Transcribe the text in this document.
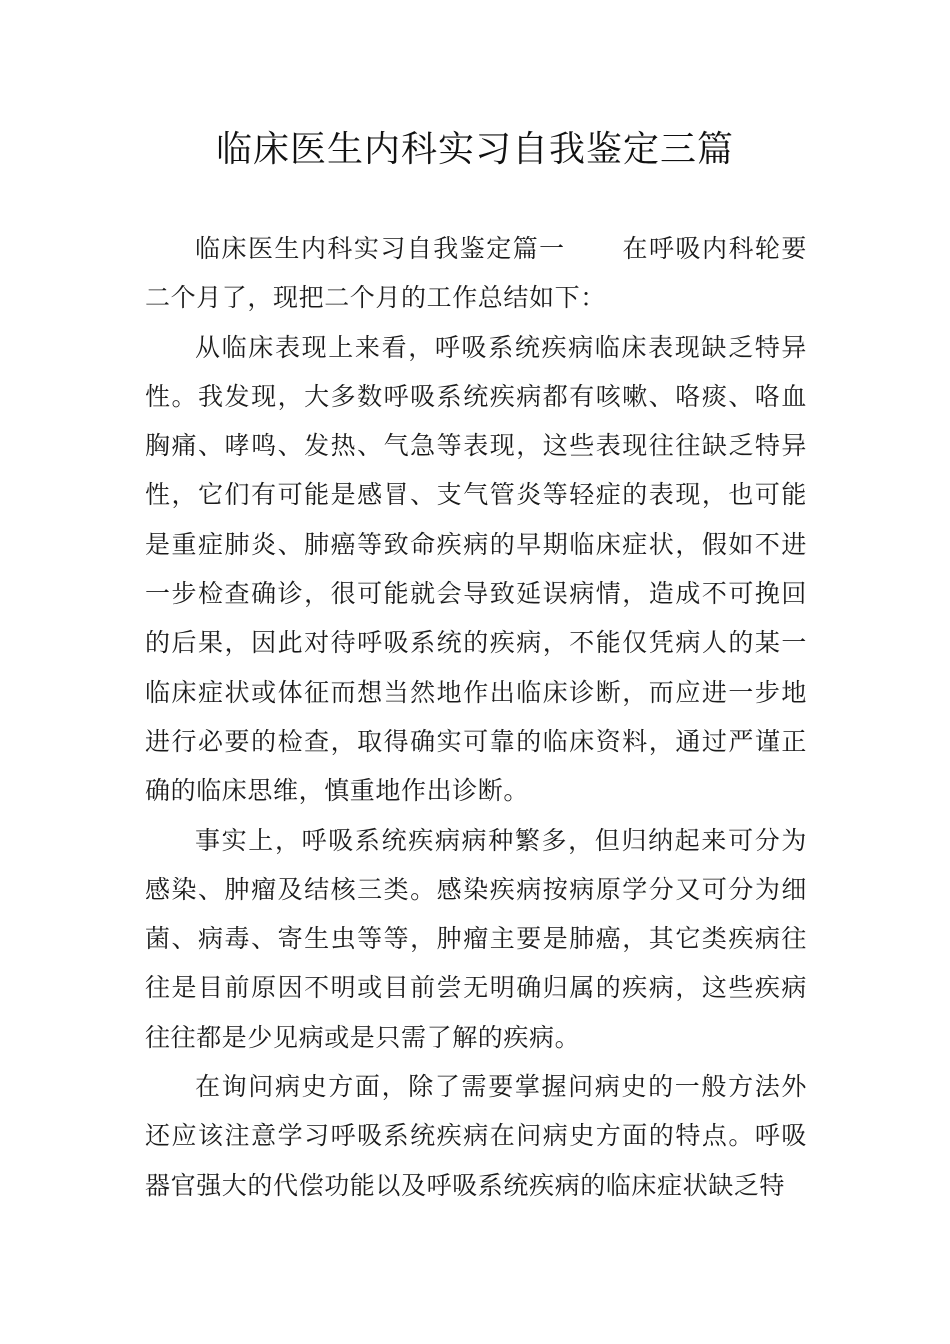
临床医生内科实习自我鉴定三篇

临床医生内科实习自我鉴定篇一 在呼吸内科轮要二个月了，现把二个月的工作总结如下：

从临床表现上来看，呼吸系统疾病临床表现缺乏特异性。我发现，大多数呼吸系统疾病都有咳嗽、咯痰、咯血胸痛、哮鸣、发热、气急等表现，这些表现往往缺乏特异性，它们有可能是感冒、支气管炎等轻症的表现，也可能是重症肺炎、肺癌等致命疾病的早期临床症状，假如不进一步检查确诊，很可能就会导致延误病情，造成不可挽回的后果，因此对待呼吸系统的疾病，不能仅凭病人的某一临床症状或体征而想当然地作出临床诊断，而应进一步地进行必要的检查，取得确实可靠的临床资料，通过严谨正确的临床思维，慎重地作出诊断。

事实上，呼吸系统疾病病种繁多，但归纳起来可分为感染、肿瘤及结核三类。感染疾病按病原学分又可分为细菌、病毒、寄生虫等等，肿瘤主要是肺癌，其它类疾病往往是目前原因不明或目前尝无明确归属的疾病，这些疾病往往都是少见病或是只需了解的疾病。

在询问病史方面，除了需要掌握问病史的一般方法外还应该注意学习呼吸系统疾病在问病史方面的特点。呼吸器官强大的代偿功能以及呼吸系统疾病的临床症状缺乏特
